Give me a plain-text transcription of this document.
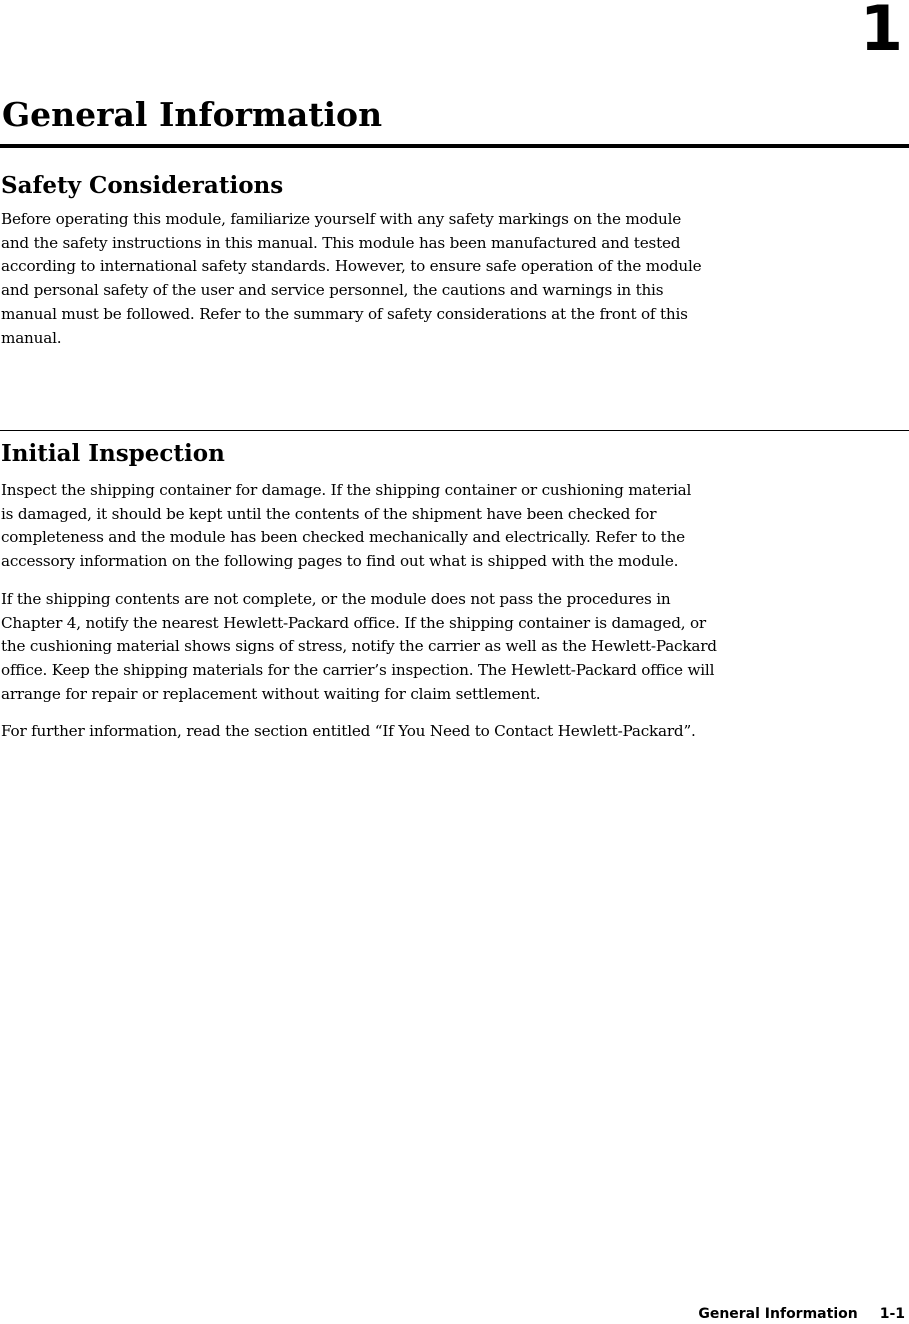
1
General Information
Safety Considerations

Before operating this module, familiarize yourself with any safety markings on the module
and the safety instructions in this manual. This module has been manufactured and tested
according to international safety standards. However, to ensure safe operation of the module
and personal safety of the user and service personnel, the cautions and warnings in this
manual must be followed. Refer to the summary of safety considerations at the front of this
manual.

Initial Inspection

Inspect the shipping container for damage. If the shipping container or cushioning material
is damaged, it should be kept until the contents of the shipment have been checked for
completeness and the module has been checked mechanically and electrically. Refer to the
accessory information on the following pages to find out what is shipped with the module.

If the shipping contents are not complete, or the module does not pass the procedures in
Chapter 4, notify the nearest Hewlett-Packard office. If the shipping container is damaged, or
the cushioning material shows signs of stress, notify the carrier as well as the Hewlett-Packard
office. Keep the shipping materials for the carrier’s inspection. The Hewlett-Packard office will
arrange for repair or replacement without waiting for claim settlement.

For further information, read the section entitled “If You Need to Contact Hewlett-Packard”.

General Information 1-1
